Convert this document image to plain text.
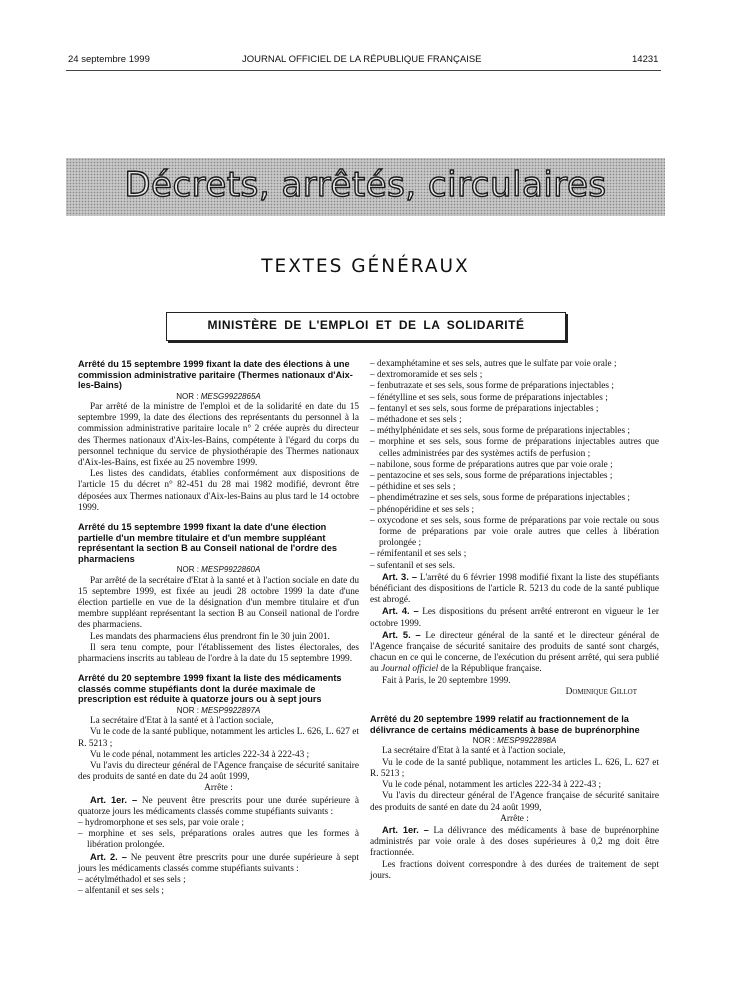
24 septembre 1999	JOURNAL OFFICIEL DE LA RÉPUBLIQUE FRANÇAISE	14231
Décrets, arrêtés, circulaires
TEXTES GÉNÉRAUX
MINISTÈRE DE L'EMPLOI ET DE LA SOLIDARITÉ

Arrêté du 15 septembre 1999 fixant la date des élections à une commission administrative paritaire (Thermes nationaux d'Aix-les-Bains)

NOR : MESG9922865A

Par arrêté de la ministre de l'emploi et de la solidarité en date du 15 septembre 1999, la date des élections des représentants du personnel à la commission administrative paritaire locale n° 2 créée auprès du directeur des Thermes nationaux d'Aix-les-Bains, compétente à l'égard du corps du personnel technique du service de physiothérapie des Thermes nationaux d'Aix-les-Bains, est fixée au 25 novembre 1999.

Les listes des candidats, établies conformément aux dispositions de l'article 15 du décret n° 82-451 du 28 mai 1982 modifié, devront être déposées aux Thermes nationaux d'Aix-les-Bains au plus tard le 14 octobre 1999.

Arrêté du 15 septembre 1999 fixant la date d'une élection partielle d'un membre titulaire et d'un membre suppléant représentant la section B au Conseil national de l'ordre des pharmaciens

NOR : MESP9922860A

Par arrêté de la secrétaire d'Etat à la santé et à l'action sociale en date du 15 septembre 1999, est fixée au jeudi 28 octobre 1999 la date d'une élection partielle en vue de la désignation d'un membre titulaire et d'un membre suppléant représentant la section B au Conseil national de l'ordre des pharmaciens.

Les mandats des pharmaciens élus prendront fin le 30 juin 2001.

Il sera tenu compte, pour l'établissement des listes électorales, des pharmaciens inscrits au tableau de l'ordre à la date du 15 septembre 1999.

Arrêté du 20 septembre 1999 fixant la liste des médicaments classés comme stupéfiants dont la durée maximale de prescription est réduite à quatorze jours ou à sept jours

NOR : MESP9922897A

La secrétaire d'Etat à la santé et à l'action sociale,

Vu le code de la santé publique, notamment les articles L. 626, L. 627 et R. 5213 ;

Vu le code pénal, notamment les articles 222-34 à 222-43 ;

Vu l'avis du directeur général de l'Agence française de sécurité sanitaire des produits de santé en date du 24 août 1999,

Arrête :

Art. 1er. – Ne peuvent être prescrits pour une durée supérieure à quatorze jours les médicaments classés comme stupéfiants suivants :

– hydromorphone et ses sels, par voie orale ;

– morphine et ses sels, préparations orales autres que les formes à libération prolongée.

Art. 2. – Ne peuvent être prescrits pour une durée supérieure à sept jours les médicaments classés comme stupéfiants suivants :

– acétylméthadol et ses sels ;

– alfentanil et ses sels ;

– dexamphétamine et ses sels, autres que le sulfate par voie orale ;

– dextromoramide et ses sels ;

– fenbutrazate et ses sels, sous forme de préparations injectables ;

– fénétylline et ses sels, sous forme de préparations injectables ;

– fentanyl et ses sels, sous forme de préparations injectables ;

– méthadone et ses sels ;

– méthylphénidate et ses sels, sous forme de préparations injectables ;

– morphine et ses sels, sous forme de préparations injectables autres que celles administrées par des systèmes actifs de perfusion ;

– nabilone, sous forme de préparations autres que par voie orale ;

– pentazocine et ses sels, sous forme de préparations injectables ;

– péthidine et ses sels ;

– phendimétrazine et ses sels, sous forme de préparations injectables ;

– phénopéridine et ses sels ;

– oxycodone et ses sels, sous forme de préparations par voie rectale ou sous forme de préparations par voie orale autres que celles à libération prolongée ;

– rémifentanil et ses sels ;

– sufentanil et ses sels.

Art. 3. – L'arrêté du 6 février 1998 modifié fixant la liste des stupéfiants bénéficiant des dispositions de l'article R. 5213 du code de la santé publique est abrogé.

Art. 4. – Les dispositions du présent arrêté entreront en vigueur le 1er octobre 1999.

Art. 5. – Le directeur général de la santé et le directeur général de l'Agence française de sécurité sanitaire des produits de santé sont chargés, chacun en ce qui le concerne, de l'exécution du présent arrêté, qui sera publié au Journal officiel de la République française.

Fait à Paris, le 20 septembre 1999.

Dominique Gillot

Arrêté du 20 septembre 1999 relatif au fractionnement de la délivrance de certains médicaments à base de buprénorphine

NOR : MESP9922898A

La secrétaire d'Etat à la santé et à l'action sociale,

Vu le code de la santé publique, notamment les articles L. 626, L. 627 et R. 5213 ;

Vu le code pénal, notamment les articles 222-34 à 222-43 ;

Vu l'avis du directeur général de l'Agence française de sécurité sanitaire des produits de santé en date du 24 août 1999,

Arrête :

Art. 1er. – La délivrance des médicaments à base de buprénorphine administrés par voie orale à des doses supérieures à 0,2 mg doit être fractionnée.

Les fractions doivent correspondre à des durées de traitement de sept jours.
